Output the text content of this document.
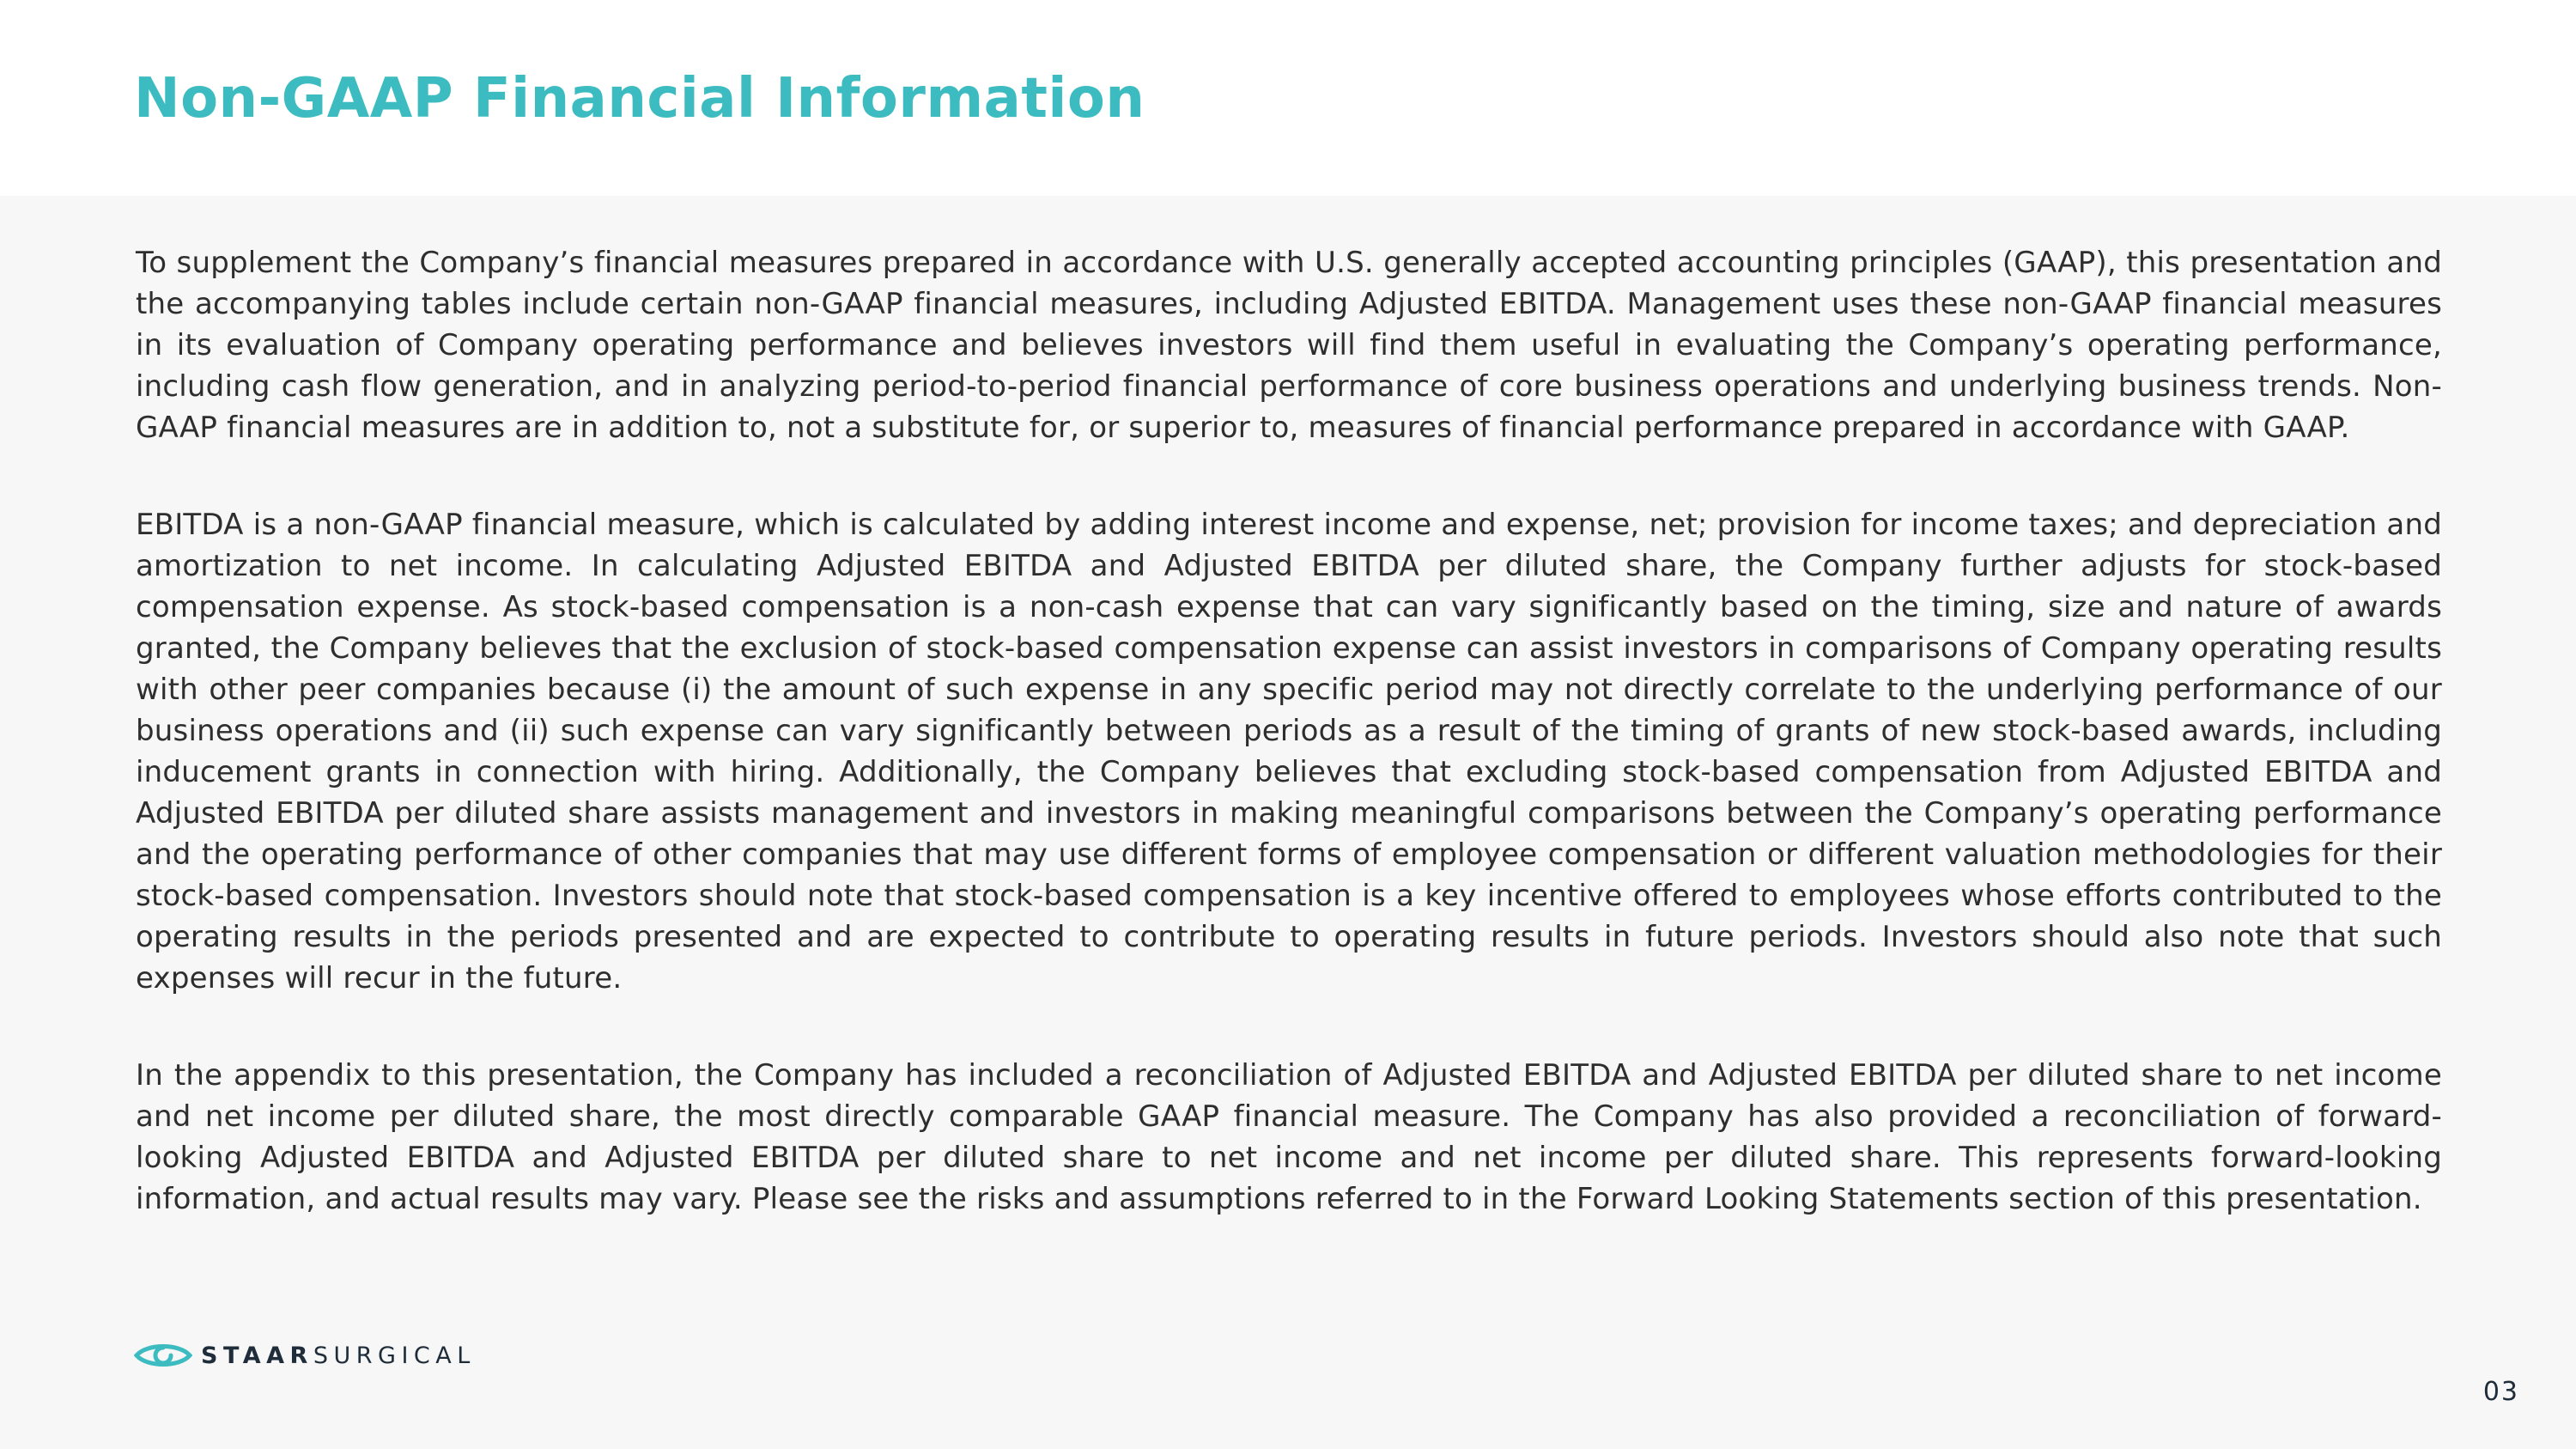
Non-GAAP Financial Information

To supplement the Company’s financial measures prepared in accordance with U.S. generally accepted accounting principles (GAAP), this presentation and the accompanying tables include certain non-GAAP financial measures, including Adjusted EBITDA. Management uses these non-GAAP financial measures in its evaluation of Company operating performance and believes investors will find them useful in evaluating the Company’s operating performance, including cash flow generation, and in analyzing period-to-period financial performance of core business operations and underlying business trends. Non-GAAP financial measures are in addition to, not a substitute for, or superior to, measures of financial performance prepared in accordance with GAAP.

EBITDA is a non-GAAP financial measure, which is calculated by adding interest income and expense, net; provision for income taxes; and depreciation and amortization to net income. In calculating Adjusted EBITDA and Adjusted EBITDA per diluted share, the Company further adjusts for stock-based compensation expense. As stock-based compensation is a non-cash expense that can vary significantly based on the timing, size and nature of awards granted, the Company believes that the exclusion of stock-based compensation expense can assist investors in comparisons of Company operating results with other peer companies because (i) the amount of such expense in any specific period may not directly correlate to the underlying performance of our business operations and (ii) such expense can vary significantly between periods as a result of the timing of grants of new stock-based awards, including inducement grants in connection with hiring. Additionally, the Company believes that excluding stock-based compensation from Adjusted EBITDA and Adjusted EBITDA per diluted share assists management and investors in making meaningful comparisons between the Company’s operating performance and the operating performance of other companies that may use different forms of employee compensation or different valuation methodologies for their stock-based compensation. Investors should note that stock-based compensation is a key incentive offered to employees whose efforts contributed to the operating results in the periods presented and are expected to contribute to operating results in future periods. Investors should also note that such expenses will recur in the future.

In the appendix to this presentation, the Company has included a reconciliation of Adjusted EBITDA and Adjusted EBITDA per diluted share to net income and net income per diluted share, the most directly comparable GAAP financial measure. The Company has also provided a reconciliation of forward-looking Adjusted EBITDA and Adjusted EBITDA per diluted share to net income and net income per diluted share. This represents forward-looking information, and actual results may vary. Please see the risks and assumptions referred to in the Forward Looking Statements section of this presentation.

STAARSURGICAL
03
